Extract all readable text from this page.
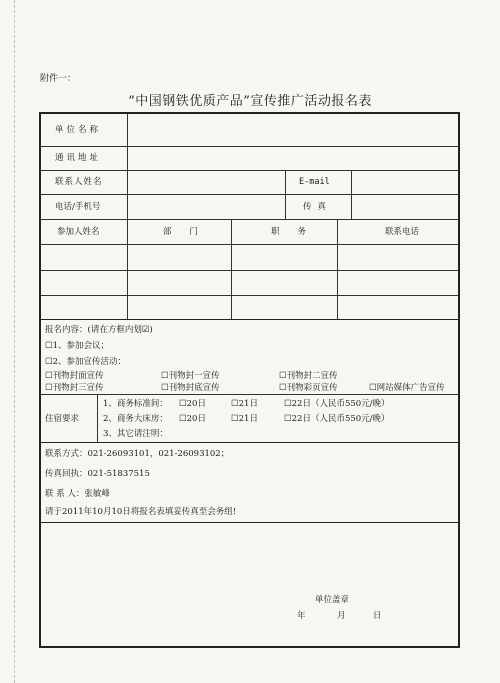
附件一：
“中国钢铁优质产品”宣传推广活动报名表
单位名称
通讯地址
联系人姓名	E-mail
电话/手机号	传真
参加人姓名	部门	职务	联系电话
报名内容：(请在方框内划☑)
☐ 1、参加会议；
☐ 2、参加宣传活动：
☐ 刊物封面宣传 ☐	刊物封一宣传 ☐	刊物封二宣传
☐ 刊物封三宣传 ☐	刊物封底宣传 ☐	刊物彩页宣传 ☐	网站媒体广告宣传
住宿要求
1、商务标准间： ☐	20日 ☐	21日 ☐	22日（人民币550元/晚）
2、商务大床房： ☐	20日 ☐	21日 ☐	22日（人民币550元/晚）
3、其它请注明：
联系方式：021-26093101，021-26093102；
传真回执：021-51837515
联 系 人：张敏峰
请于2011年10月10日将报名表填妥传真至会务组!
单位盖章
年	月	日
